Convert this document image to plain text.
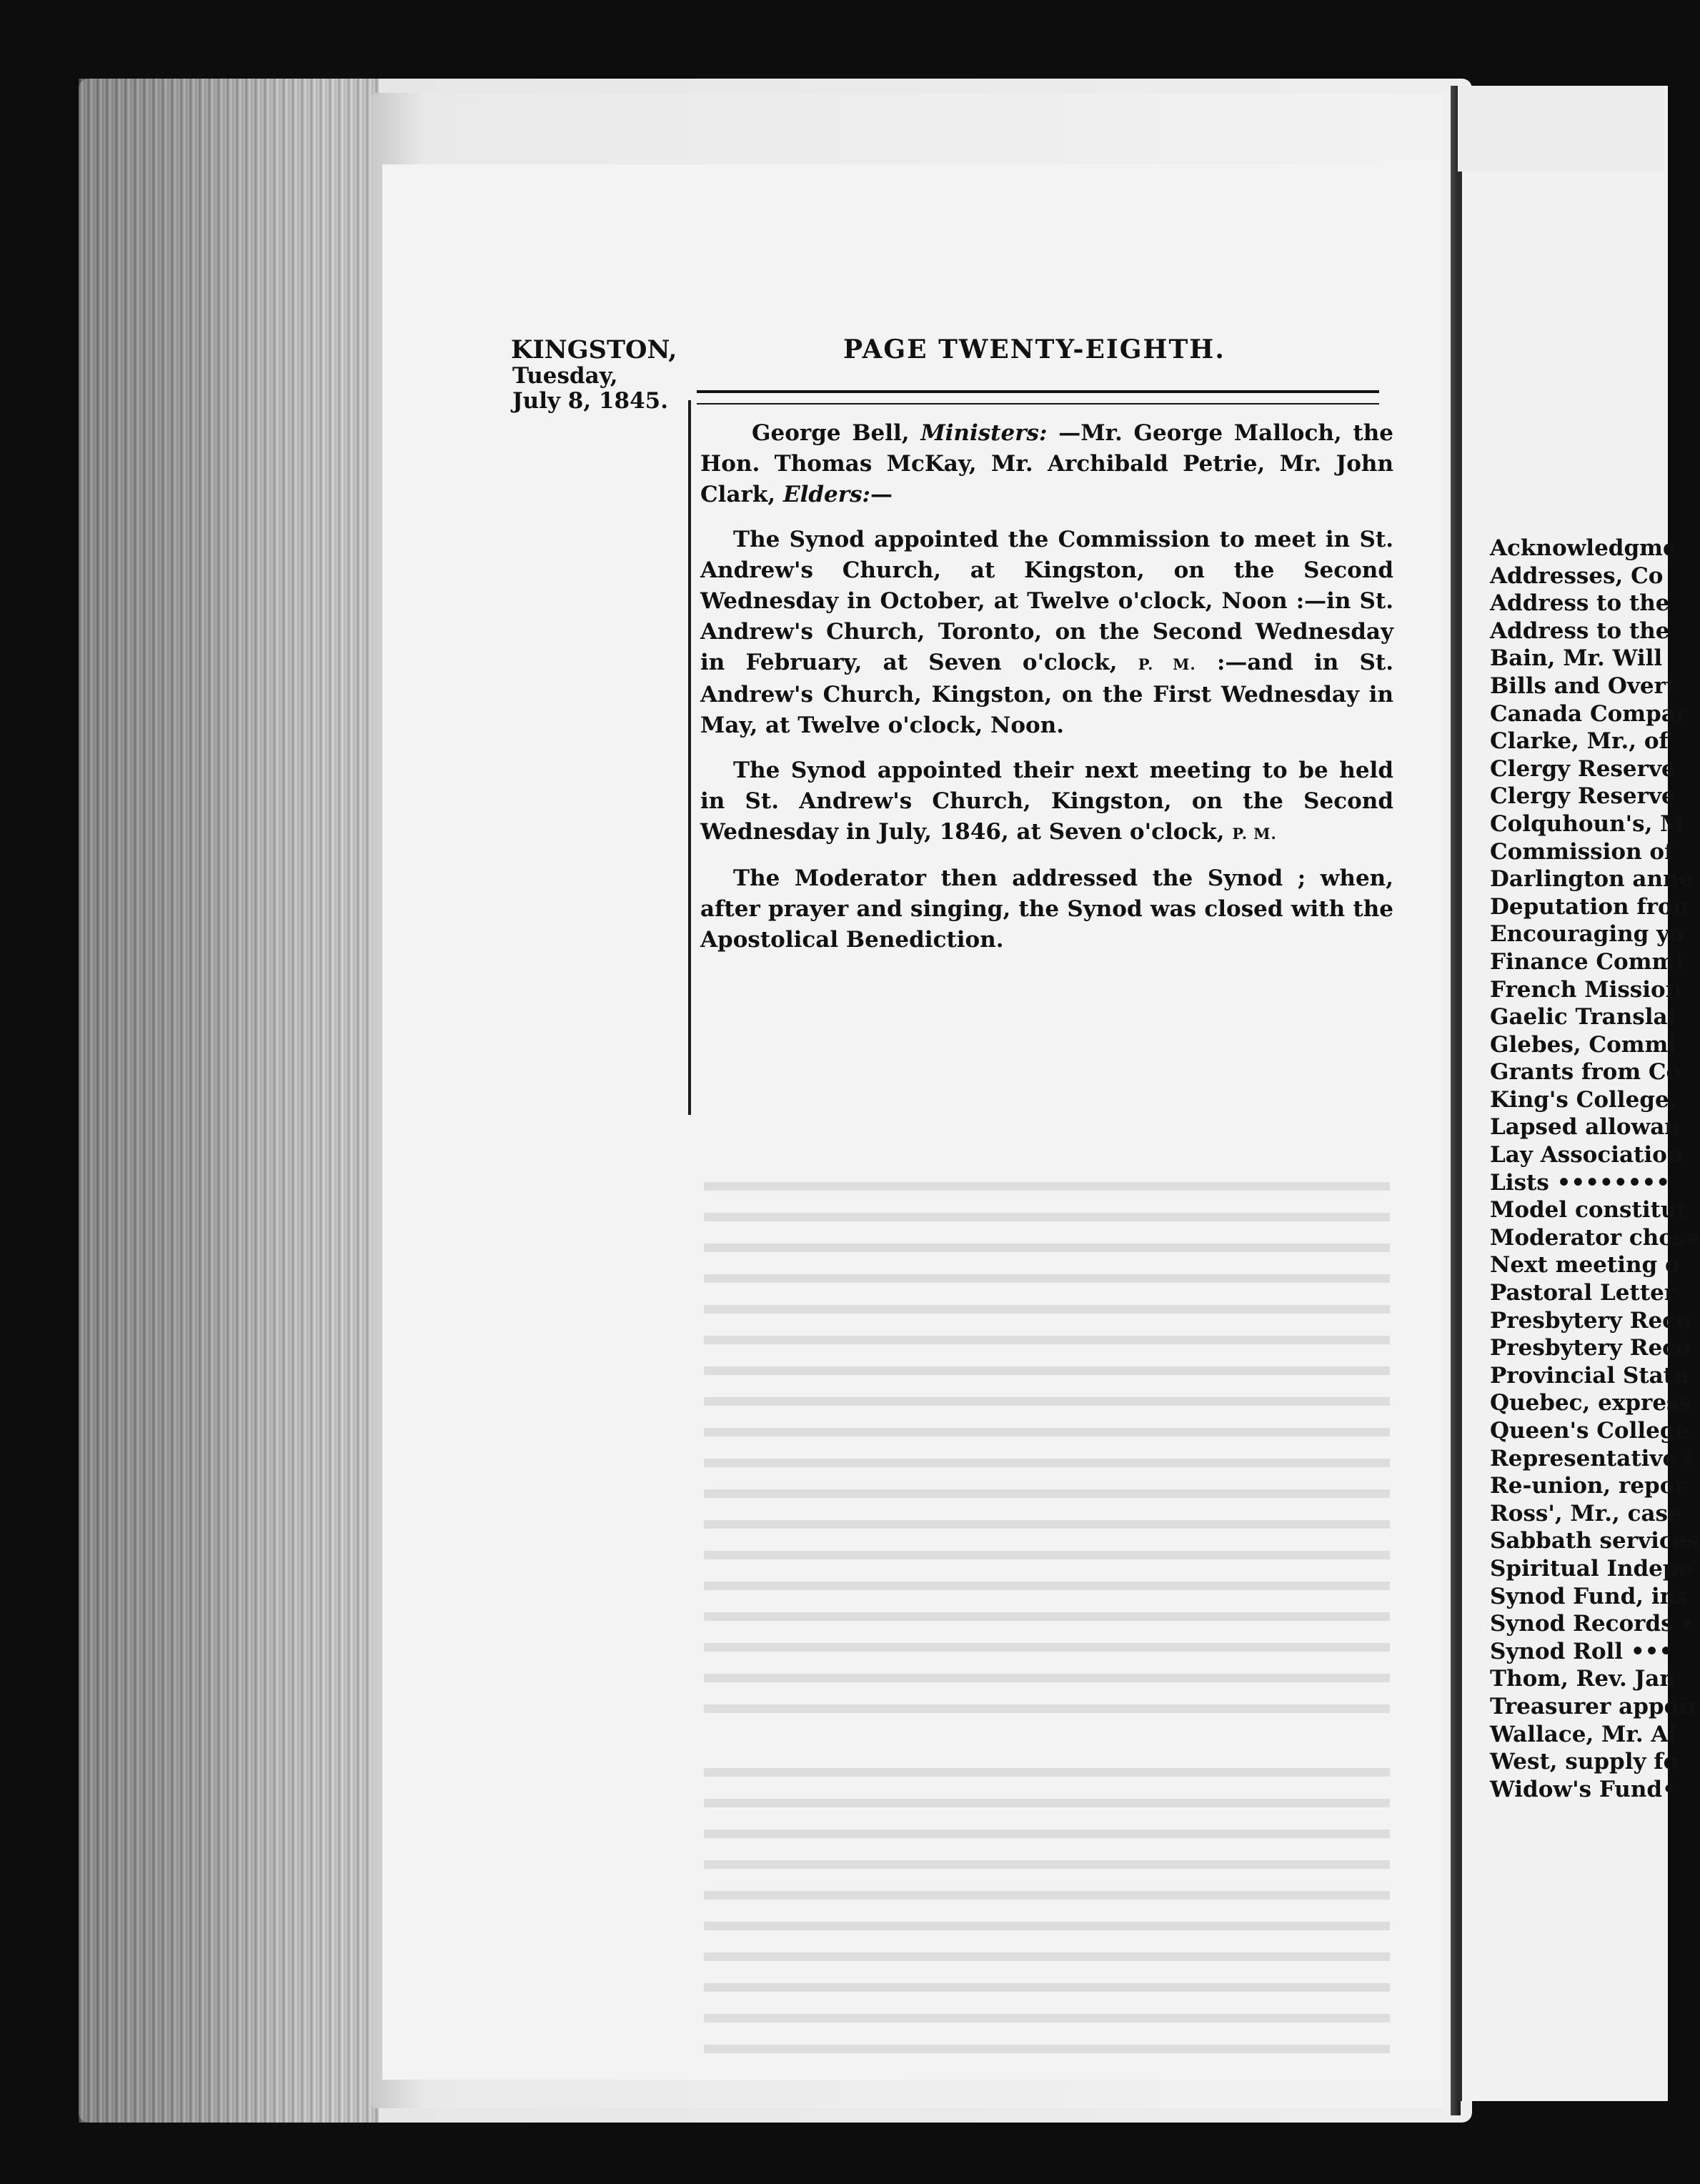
KINGSTON,
Tuesday,
July 8, 1845.
PAGE TWENTY-EIGHTH.

George Bell, Ministers: —Mr. George Malloch, the Hon. Thomas McKay, Mr. Archibald Petrie, Mr. John Clark, Elders:—

The Synod appointed the Commission to meet in St. Andrew's Church, at Kingston, on the Second Wednesday in October, at Twelve o'clock, Noon :—in St. Andrew's Church, Toronto, on the Second Wednesday in February, at Seven o'clock, P. M. :—and in St. Andrew's Church, Kingston, on the First Wednesday in May, at Twelve o'clock, Noon.

The Synod appointed their next meeting to be held in St. Andrew's Church, Kingston, on the Second Wednesday in July, 1846, at Seven o'clock, P. M.

The Moderator then addressed the Synod ; when, after prayer and singing, the Synod was closed with the Apostolical Benediction.

Acknowledgme
Addresses, Co
Address to the
Address to the
Bain, Mr. Will
Bills and Overt
Canada Compar
Clarke, Mr., of
Clergy Reserve
Clergy Reserve
Colquhoun's, M
Commission of
Darlington anne
Deputation fron
Encouraging yo
Finance Commi
French Mission
Gaelic Translat
Glebes, Commi
Grants from Co
King's College,
Lapsed allowan
Lay Association
Lists ••••••••
Model constitut
Moderator chose
Next meeting o
Pastoral Letter
Presbytery Reco
Presbytery Reco
Provincial Statu
Quebec, express
Queen's College
Representative I
Re-union, repor
Ross', Mr., case
Sabbath services
Spiritual Indepe
Synod Fund, ins
Synod Records •
Synod Roll •••
Thom, Rev. Jan
Treasurer appoir
Wallace, Mr. Al
West, supply fo
Widow's Fund•
